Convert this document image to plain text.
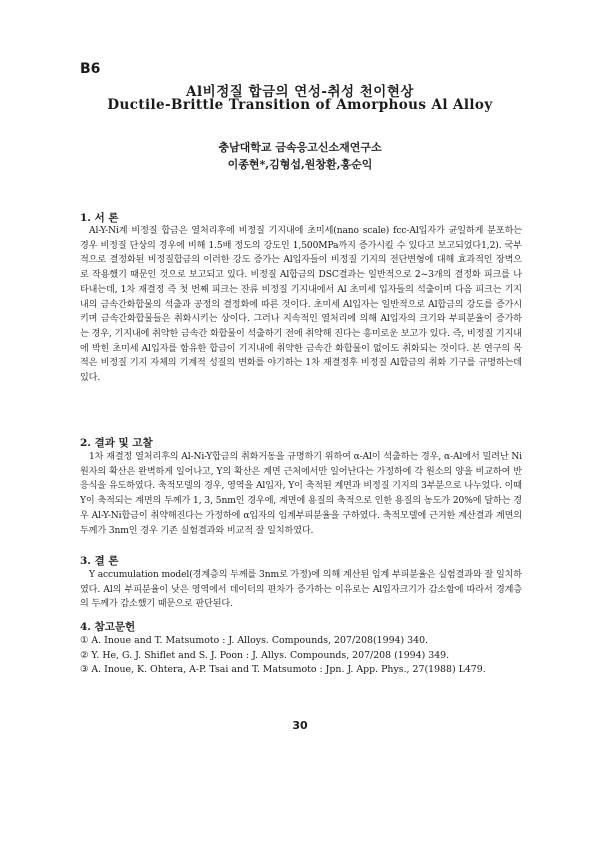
B6
Al비정질 합금의 연성-취성 천이현상
Ductile-Brittle Transition of Amorphous Al Alloy
충남대학교 금속응고신소재연구소
이종현*,김형섭,원창환,홍순익
1. 서 론

Al-Y-Ni계 비정질 합금은 열처리후에 비정질 기지내에 초미세(nano scale) fcc-Al입자가 균일하게 분포하는 경우 비정질 단상의 경우에 비해 1.5배 정도의 강도인 1,500MPa까지 증가시킬 수 있다고 보고되었다1,2). 국부적으로 결정화된 비정질합금의 이러한 강도 증가는 Al입자들이 비정질 기지의 전단변형에 대해 효과적인 장벽으로 작용했기 때문인 것으로 보고되고 있다. 비정질 Al합금의 DSC결과는 일반적으로 2~3개의 결정화 피크를 나타내는데, 1차 재결정 즉 첫 번째 피크는 잔류 비정질 기지내에서 Al 초미세 입자들의 석출이며 다음 피크는 기지내의 금속간화합물의 석출과 공정의 결정화에 따른 것이다. 초미세 Al입자는 일반적으로 Al합금의 강도를 증가시키며 금속간화합물들은 취화시키는 상이다. 그러나 지속적인 열처리에 의해 Al입자의 크기와 부피분율이 증가하는 경우, 기지내에 취약한 금속간 화합물이 석출하기 전에 취약해 진다는 흥미로운 보고가 있다. 즉, 비정질 기지내에 박힌 초미세 Al입자를 함유한 합금이 기지내에 취약한 금속간 화합물이 없이도 취화되는 것이다. 본 연구의 목적은 비정질 기지 자체의 기계적 성질의 변화를 야기하는 1차 재결정후 비정질 Al합금의 취화 기구를 규명하는데 있다.

2. 결과 및 고찰

1차 재결정 열처리후의 Al-Ni-Y합금의 취화거동을 규명하기 위하여 α-Al이 석출하는 경우, α-Al에서 밀려난 Ni원자의 확산은 완벽하게 일어나고, Y의 확산은 계면 근처에서만 일어난다는 가정하에 각 원소의 양을 비교하여 반응식을 유도하였다. 축적모델의 경우, 영역을 Al입자, Y이 축적된 계면과 비정질 기지의 3부분으로 나누었다. 이때 Y이 축적되는 계면의 두께가 1, 3, 5nm인 경우에, 계면에 용질의 축적으로 인한 용질의 농도가 20%에 달하는 경우 Al-Y-Ni합금이 취약해진다는 가정하에 α입자의 임계부피분율을 구하였다. 축적모델에 근거한 계산결과 계면의 두께가 3nm인 경우 기존 실험결과와 비교적 잘 일치하였다.

3. 결 론

Y accumulation model(경계층의 두께를 3nm로 가정)에 의해 계산된 임계 부피분율은 실험결과와 잘 일치하였다. Al의 부피분율이 낮은 영역에서 데이터의 편차가 증가하는 이유로는 Al입자크기가 감소함에 따라서 경계층의 두께가 감소했기 때문으로 판단된다.

4. 참고문헌
① A. Inoue and T. Matsumoto : J. Alloys. Compounds, 207/208(1994) 340.
② Y. He, G. J. Shiflet and S. J. Poon : J. Allys. Compounds, 207/208 (1994) 349.
③ A. Inoue, K. Ohtera, A-P. Tsai and T. Matsumoto : Jpn. J. App. Phys., 27(1988) L479.
30
